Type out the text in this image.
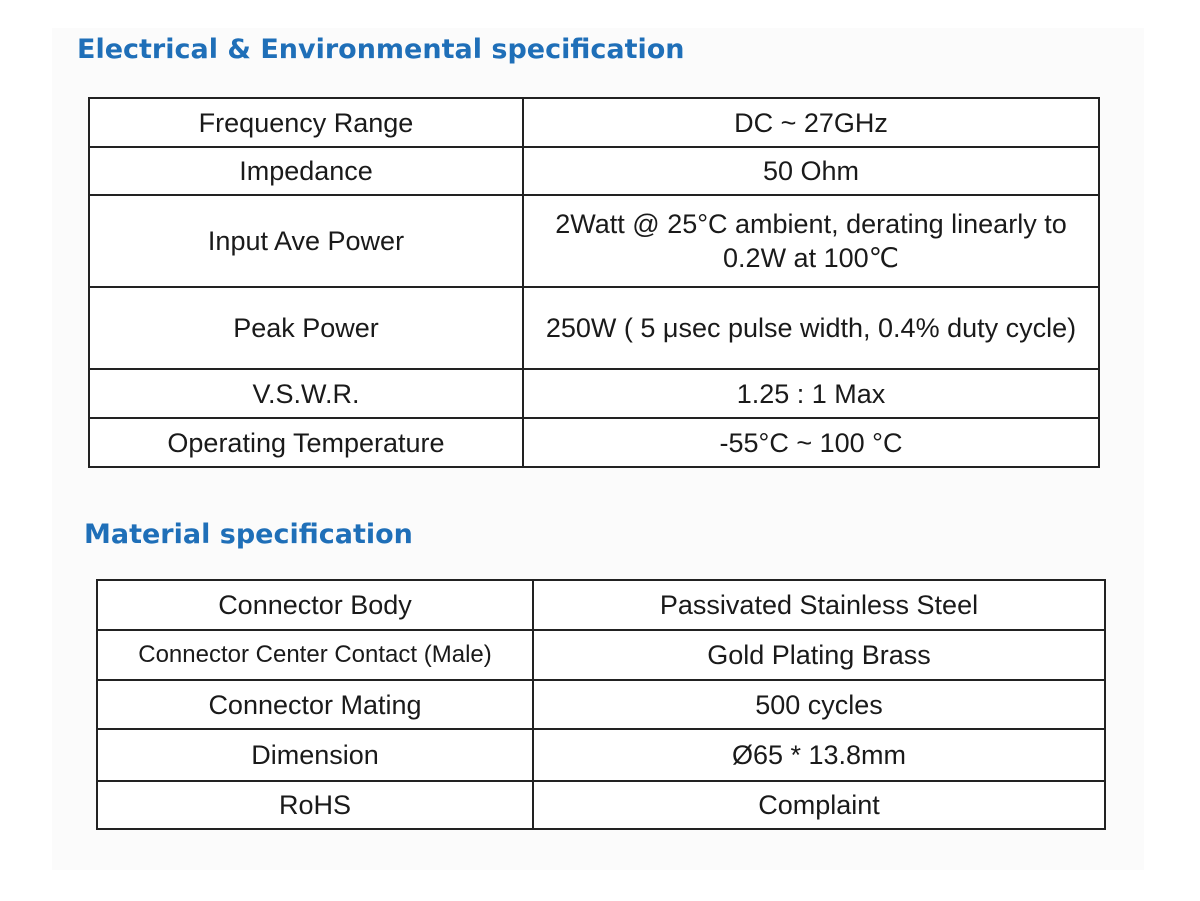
Electrical & Environmental specification
Frequency Range	DC ~ 27GHz
Impedance	50 Ohm
Input Ave Power	2Watt @ 25°C ambient, derating linearly to 0.2W at 100℃
Peak Power	250W ( 5 μsec pulse width, 0.4% duty cycle)
V.S.W.R.	1.25 : 1 Max
Operating Temperature	-55°C ~ 100 °C
Material specification
Connector Body	Passivated Stainless Steel
Connector Center Contact (Male)	Gold Plating Brass
Connector Mating	500 cycles
Dimension	Ø65 * 13.8mm
RoHS	Complaint
